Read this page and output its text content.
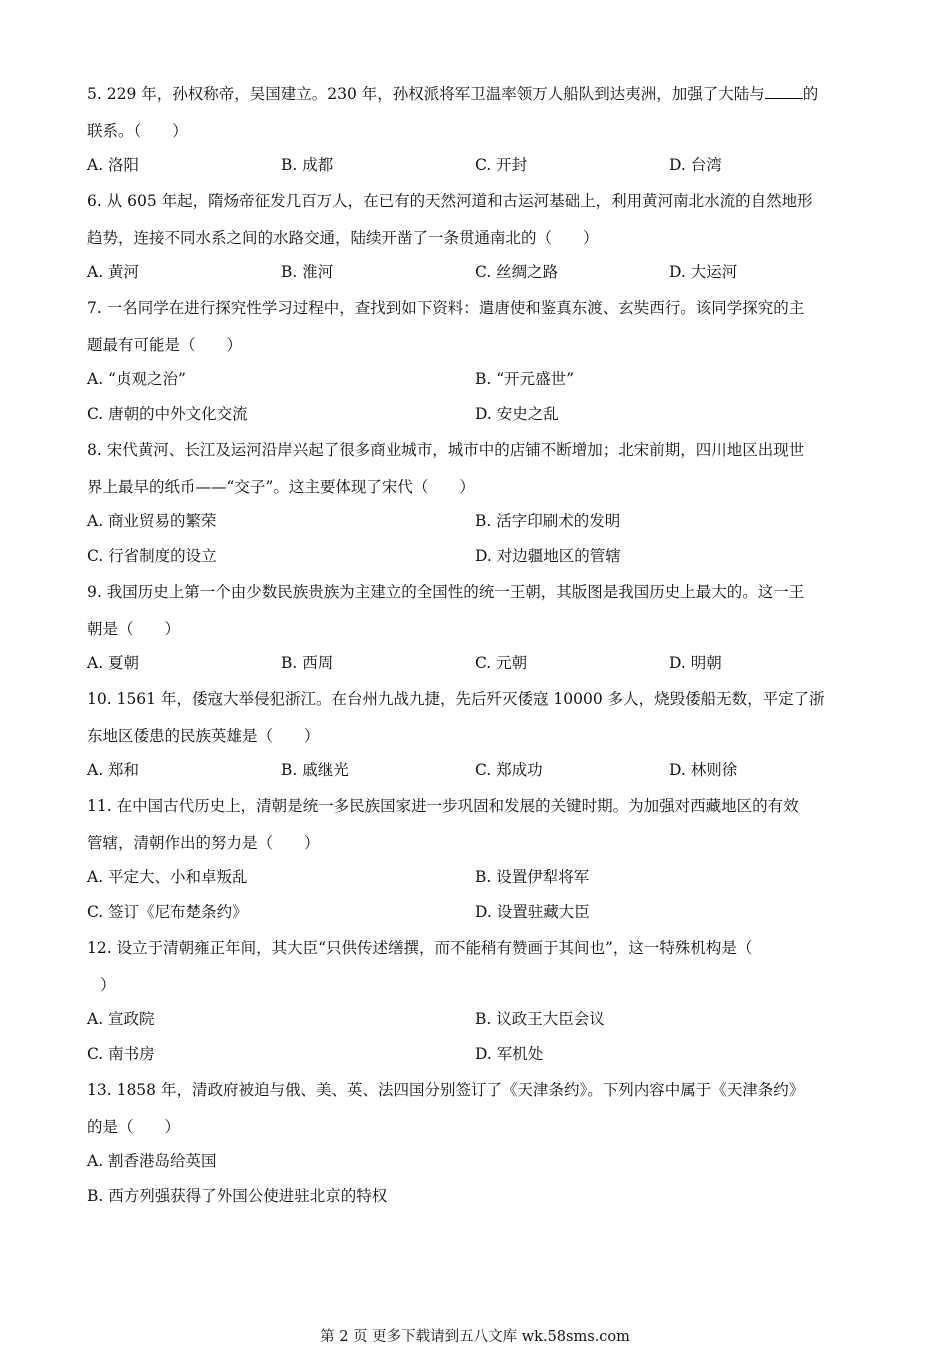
5. 229 年，孙权称帝，吴国建立。230 年，孙权派将军卫温率领万人船队到达夷洲，加强了大陆与 的
联系。（　　）
A. 洛阳	B. 成都	C. 开封	D. 台湾
6. 从 605 年起，隋炀帝征发几百万人，在已有的天然河道和古运河基础上，利用黄河南北水流的自然地形
趋势，连接不同水系之间的水路交通，陆续开凿了一条贯通南北的（　　）
A. 黄河	B. 淮河	C. 丝绸之路	D. 大运河
7. 一名同学在进行探究性学习过程中，查找到如下资料：遣唐使和鉴真东渡、玄奘西行。该同学探究的主
题最有可能是（　　）
A. “贞观之治”	B. “开元盛世”
C. 唐朝的中外文化交流	D. 安史之乱
8. 宋代黄河、长江及运河沿岸兴起了很多商业城市，城市中的店铺不断增加；北宋前期，四川地区出现世
界上最早的纸币——“交子”。这主要体现了宋代（　　）
A. 商业贸易的繁荣	B. 活字印刷术的发明
C. 行省制度的设立	D. 对边疆地区的管辖
9. 我国历史上第一个由少数民族贵族为主建立的全国性的统一王朝，其版图是我国历史上最大的。这一王
朝是（　　）
A. 夏朝	B. 西周	C. 元朝	D. 明朝
10. 1561 年，倭寇大举侵犯浙江。在台州九战九捷，先后歼灭倭寇 10000 多人，烧毁倭船无数，平定了浙
东地区倭患的民族英雄是（　　）
A. 郑和	B. 戚继光	C. 郑成功	D. 林则徐
11. 在中国古代历史上，清朝是统一多民族国家进一步巩固和发展的关键时期。为加强对西藏地区的有效
管辖，清朝作出的努力是（　　）
A. 平定大、小和卓叛乱	B. 设置伊犁将军
C. 签订《尼布楚条约》	D. 设置驻藏大臣
12. 设立于清朝雍正年间，其大臣“只供传述缮撰，而不能稍有赞画于其间也”，这一特殊机构是（
）
A. 宣政院	B. 议政王大臣会议
C. 南书房	D. 军机处
13. 1858 年，清政府被迫与俄、美、英、法四国分别签订了《天津条约》。下列内容中属于《天津条约》
的是（　　）
A. 割香港岛给英国
B. 西方列强获得了外国公使进驻北京的特权
第 2 页 更多下载请到五八文库 wk.58sms.com
